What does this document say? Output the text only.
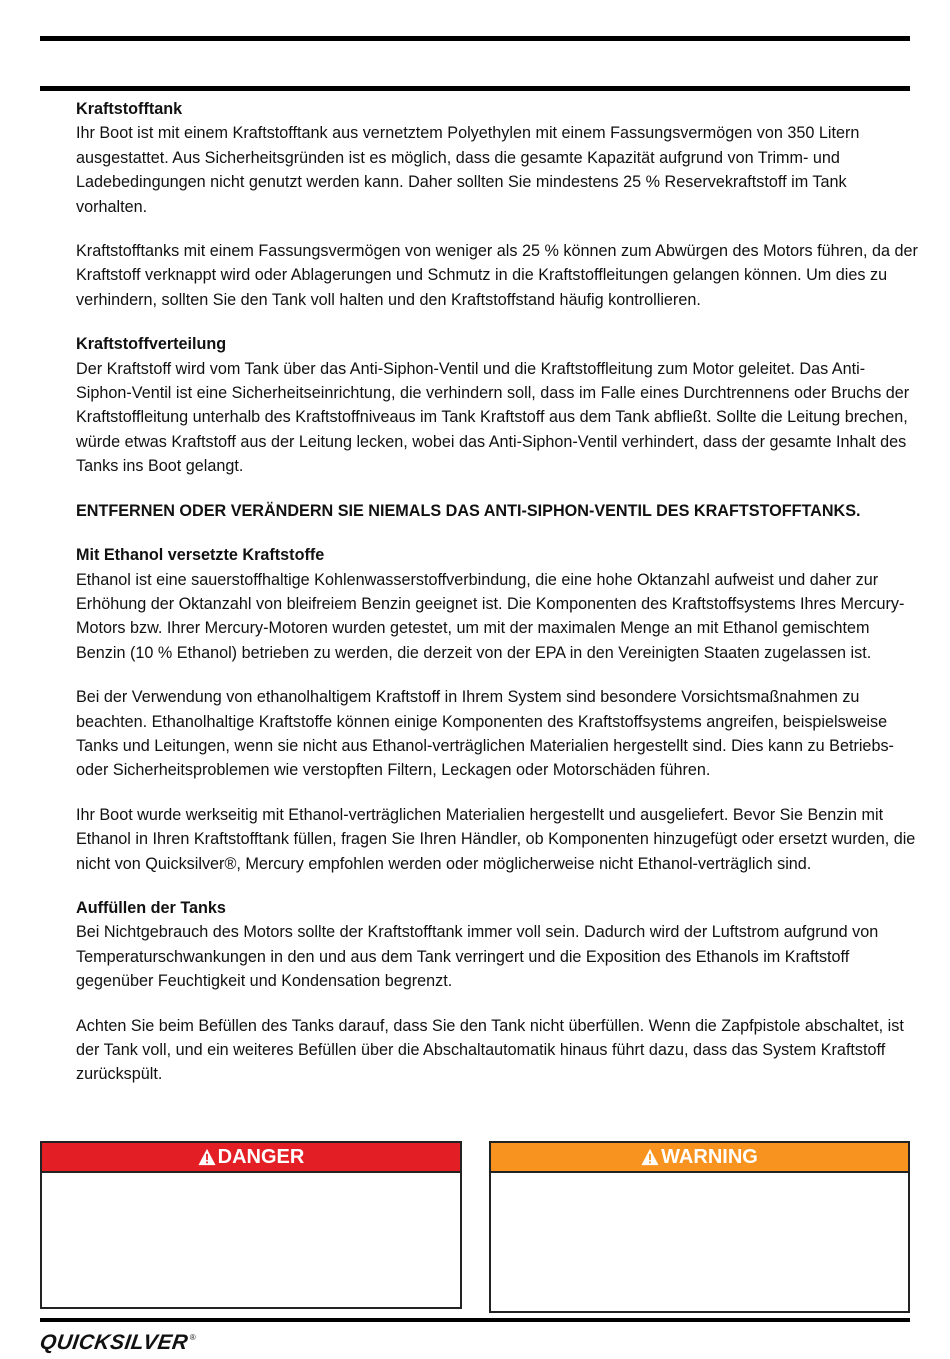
Kraftstofftank

Ihr Boot ist mit einem Kraftstofftank aus vernetztem Polyethylen mit einem Fassungsvermögen von 350 Litern ausgestattet. Aus Sicherheitsgründen ist es möglich, dass die gesamte Kapazität aufgrund von Trimm- und Ladebedingungen nicht genutzt werden kann. Daher sollten Sie mindestens 25 % Reservekraftstoff im Tank vorhalten.

Kraftstofftanks mit einem Fassungsvermögen von weniger als 25 % können zum Abwürgen des Motors führen, da der Kraftstoff verknappt wird oder Ablagerungen und Schmutz in die Kraftstoffleitungen gelangen können. Um dies zu verhindern, sollten Sie den Tank voll halten und den Kraftstoffstand häufig kontrollieren.

Kraftstoffverteilung

Der Kraftstoff wird vom Tank über das Anti-Siphon-Ventil und die Kraftstoffleitung zum Motor geleitet. Das Anti-Siphon-Ventil ist eine Sicherheitseinrichtung, die verhindern soll, dass im Falle eines Durchtrennens oder Bruchs der Kraftstoffleitung unterhalb des Kraftstoffniveaus im Tank Kraftstoff aus dem Tank abfließt. Sollte die Leitung brechen, würde etwas Kraftstoff aus der Leitung lecken, wobei das Anti-Siphon-Ventil verhindert, dass der gesamte Inhalt des Tanks ins Boot gelangt.

ENTFERNEN ODER VERÄNDERN SIE NIEMALS DAS ANTI-SIPHON-VENTIL DES KRAFTSTOFFTANKS.

Mit Ethanol versetzte Kraftstoffe

Ethanol ist eine sauerstoffhaltige Kohlenwasserstoffverbindung, die eine hohe Oktanzahl aufweist und daher zur Erhöhung der Oktanzahl von bleifreiem Benzin geeignet ist. Die Komponenten des Kraftstoffsystems Ihres Mercury-Motors bzw. Ihrer Mercury-Motoren wurden getestet, um mit der maximalen Menge an mit Ethanol gemischtem Benzin (10 % Ethanol) betrieben zu werden, die derzeit von der EPA in den Vereinigten Staaten zugelassen ist.

Bei der Verwendung von ethanolhaltigem Kraftstoff in Ihrem System sind besondere Vorsichtsmaßnahmen zu beachten. Ethanolhaltige Kraftstoffe können einige Komponenten des Kraftstoffsystems angreifen, beispielsweise Tanks und Leitungen, wenn sie nicht aus Ethanol-verträglichen Materialien hergestellt sind. Dies kann zu Betriebs- oder Sicherheitsproblemen wie verstopften Filtern, Leckagen oder Motorschäden führen.

Ihr Boot wurde werkseitig mit Ethanol-verträglichen Materialien hergestellt und ausgeliefert. Bevor Sie Benzin mit Ethanol in Ihren Kraftstofftank füllen, fragen Sie Ihren Händler, ob Komponenten hinzugefügt oder ersetzt wurden, die nicht von Quicksilver®, Mercury empfohlen werden oder möglicherweise nicht Ethanol-verträglich sind.

Auffüllen der Tanks

Bei Nichtgebrauch des Motors sollte der Kraftstofftank immer voll sein. Dadurch wird der Luftstrom aufgrund von Temperaturschwankungen in den und aus dem Tank verringert und die Exposition des Ethanols im Kraftstoff gegenüber Feuchtigkeit und Kondensation begrenzt.

Achten Sie beim Befüllen des Tanks darauf, dass Sie den Tank nicht überfüllen. Wenn die Zapfpistole abschaltet, ist der Tank voll, und ein weiteres Befüllen über die Abschaltautomatik hinaus führt dazu, dass das System Kraftstoff zurückspült.

DANGER	WARNING
QUICKSILVER ®
